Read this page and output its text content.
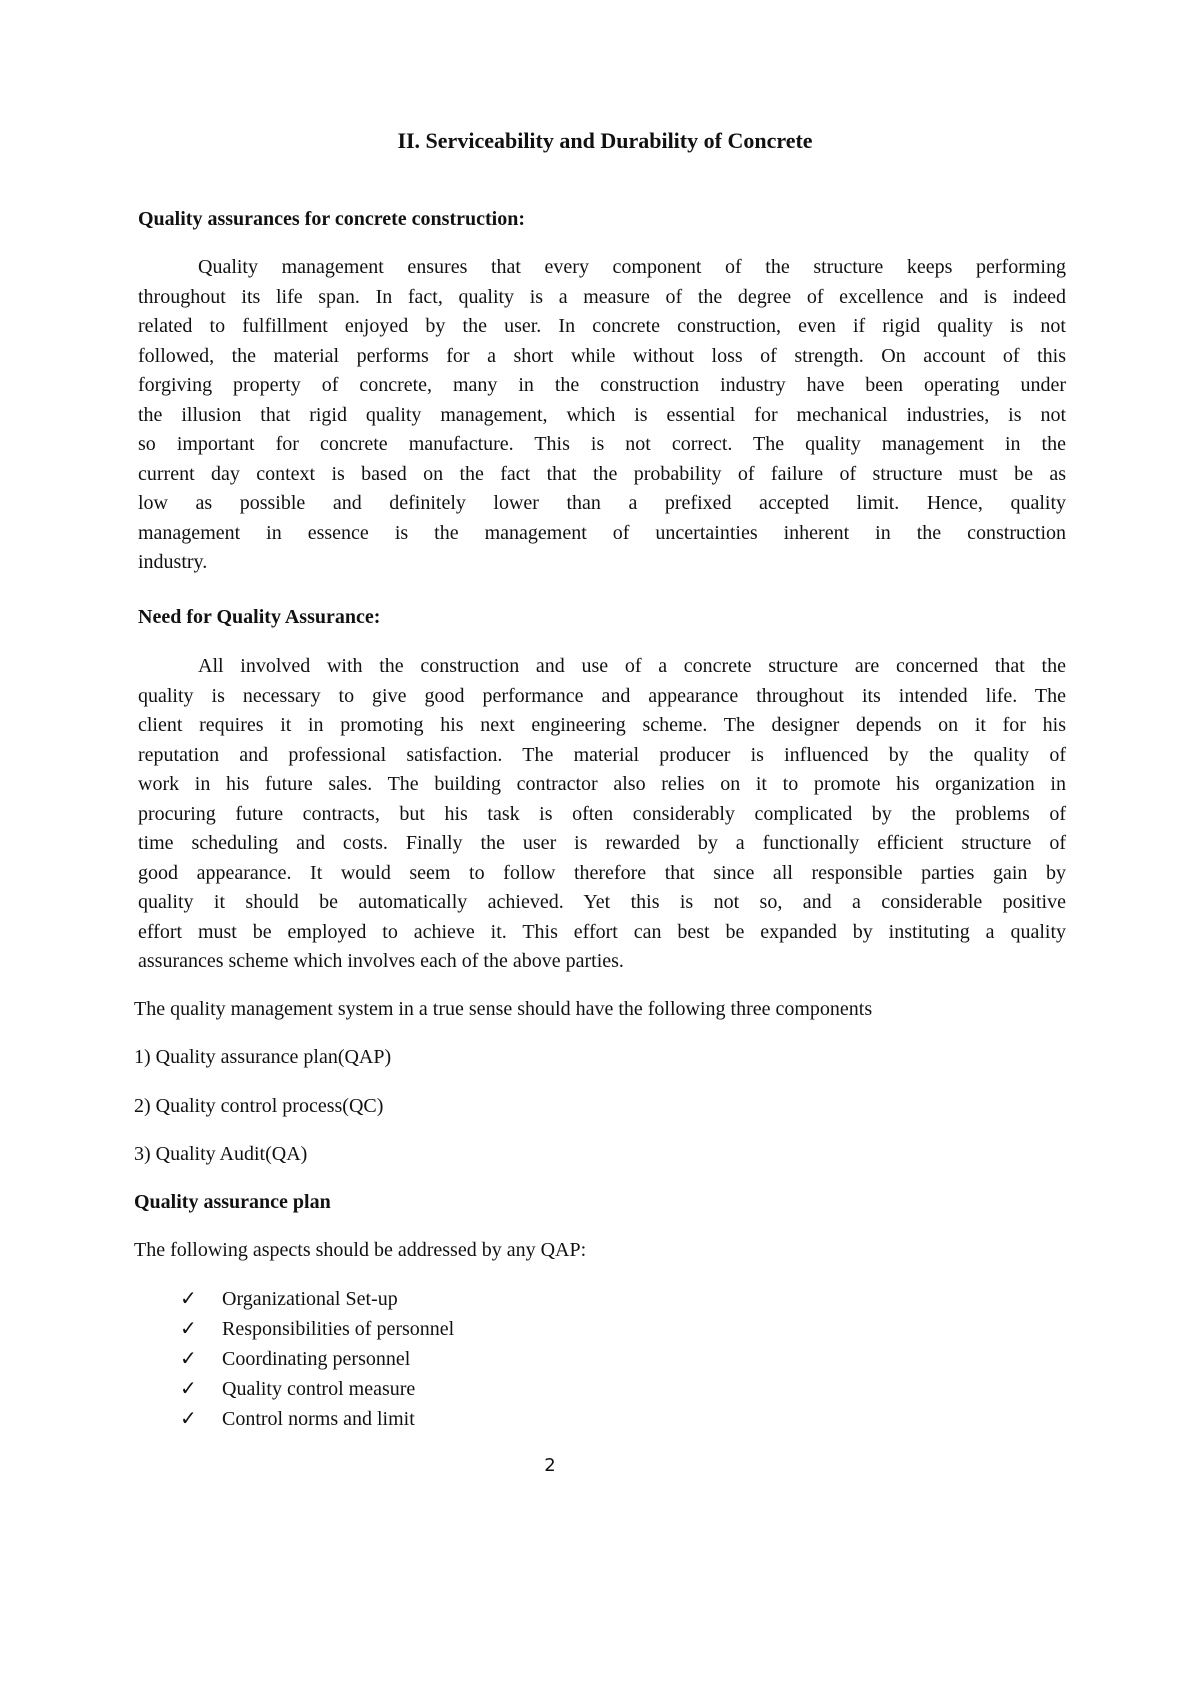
II. Serviceability and Durability of Concrete
Quality assurances for concrete construction:
Quality management ensures that every component of the structure keeps performing
throughout its life span. In fact, quality is a measure of the degree of excellence and is indeed
related to fulfillment enjoyed by the user. In concrete construction, even if rigid quality is not
followed, the material performs for a short while without loss of strength. On account of this
forgiving property of concrete, many in the construction industry have been operating under
the illusion that rigid quality management, which is essential for mechanical industries, is not
so important for concrete manufacture. This is not correct. The quality management in the
current day context is based on the fact that the probability of failure of structure must be as
low as possible and definitely lower than a prefixed accepted limit. Hence, quality
management in essence is the management of uncertainties inherent in the construction
industry.
Need for Quality Assurance:
All involved with the construction and use of a concrete structure are concerned that the
quality is necessary to give good performance and appearance throughout its intended life. The
client requires it in promoting his next engineering scheme. The designer depends on it for his
reputation and professional satisfaction. The material producer is influenced by the quality of
work in his future sales. The building contractor also relies on it to promote his organization in
procuring future contracts, but his task is often considerably complicated by the problems of
time scheduling and costs. Finally the user is rewarded by a functionally efficient structure of
good appearance. It would seem to follow therefore that since all responsible parties gain by
quality it should be automatically achieved. Yet this is not so, and a considerable positive
effort must be employed to achieve it. This effort can best be expanded by instituting a quality
assurances scheme which involves each of the above parties.
The quality management system in a true sense should have the following three components
1) Quality assurance plan(QAP)
2) Quality control process(QC)
3) Quality Audit(QA)
Quality assurance plan
The following aspects should be addressed by any QAP:
✓	Organizational Set-up
✓	Responsibilities of personnel
✓	Coordinating personnel
✓	Quality control measure
✓	Control norms and limit
2
